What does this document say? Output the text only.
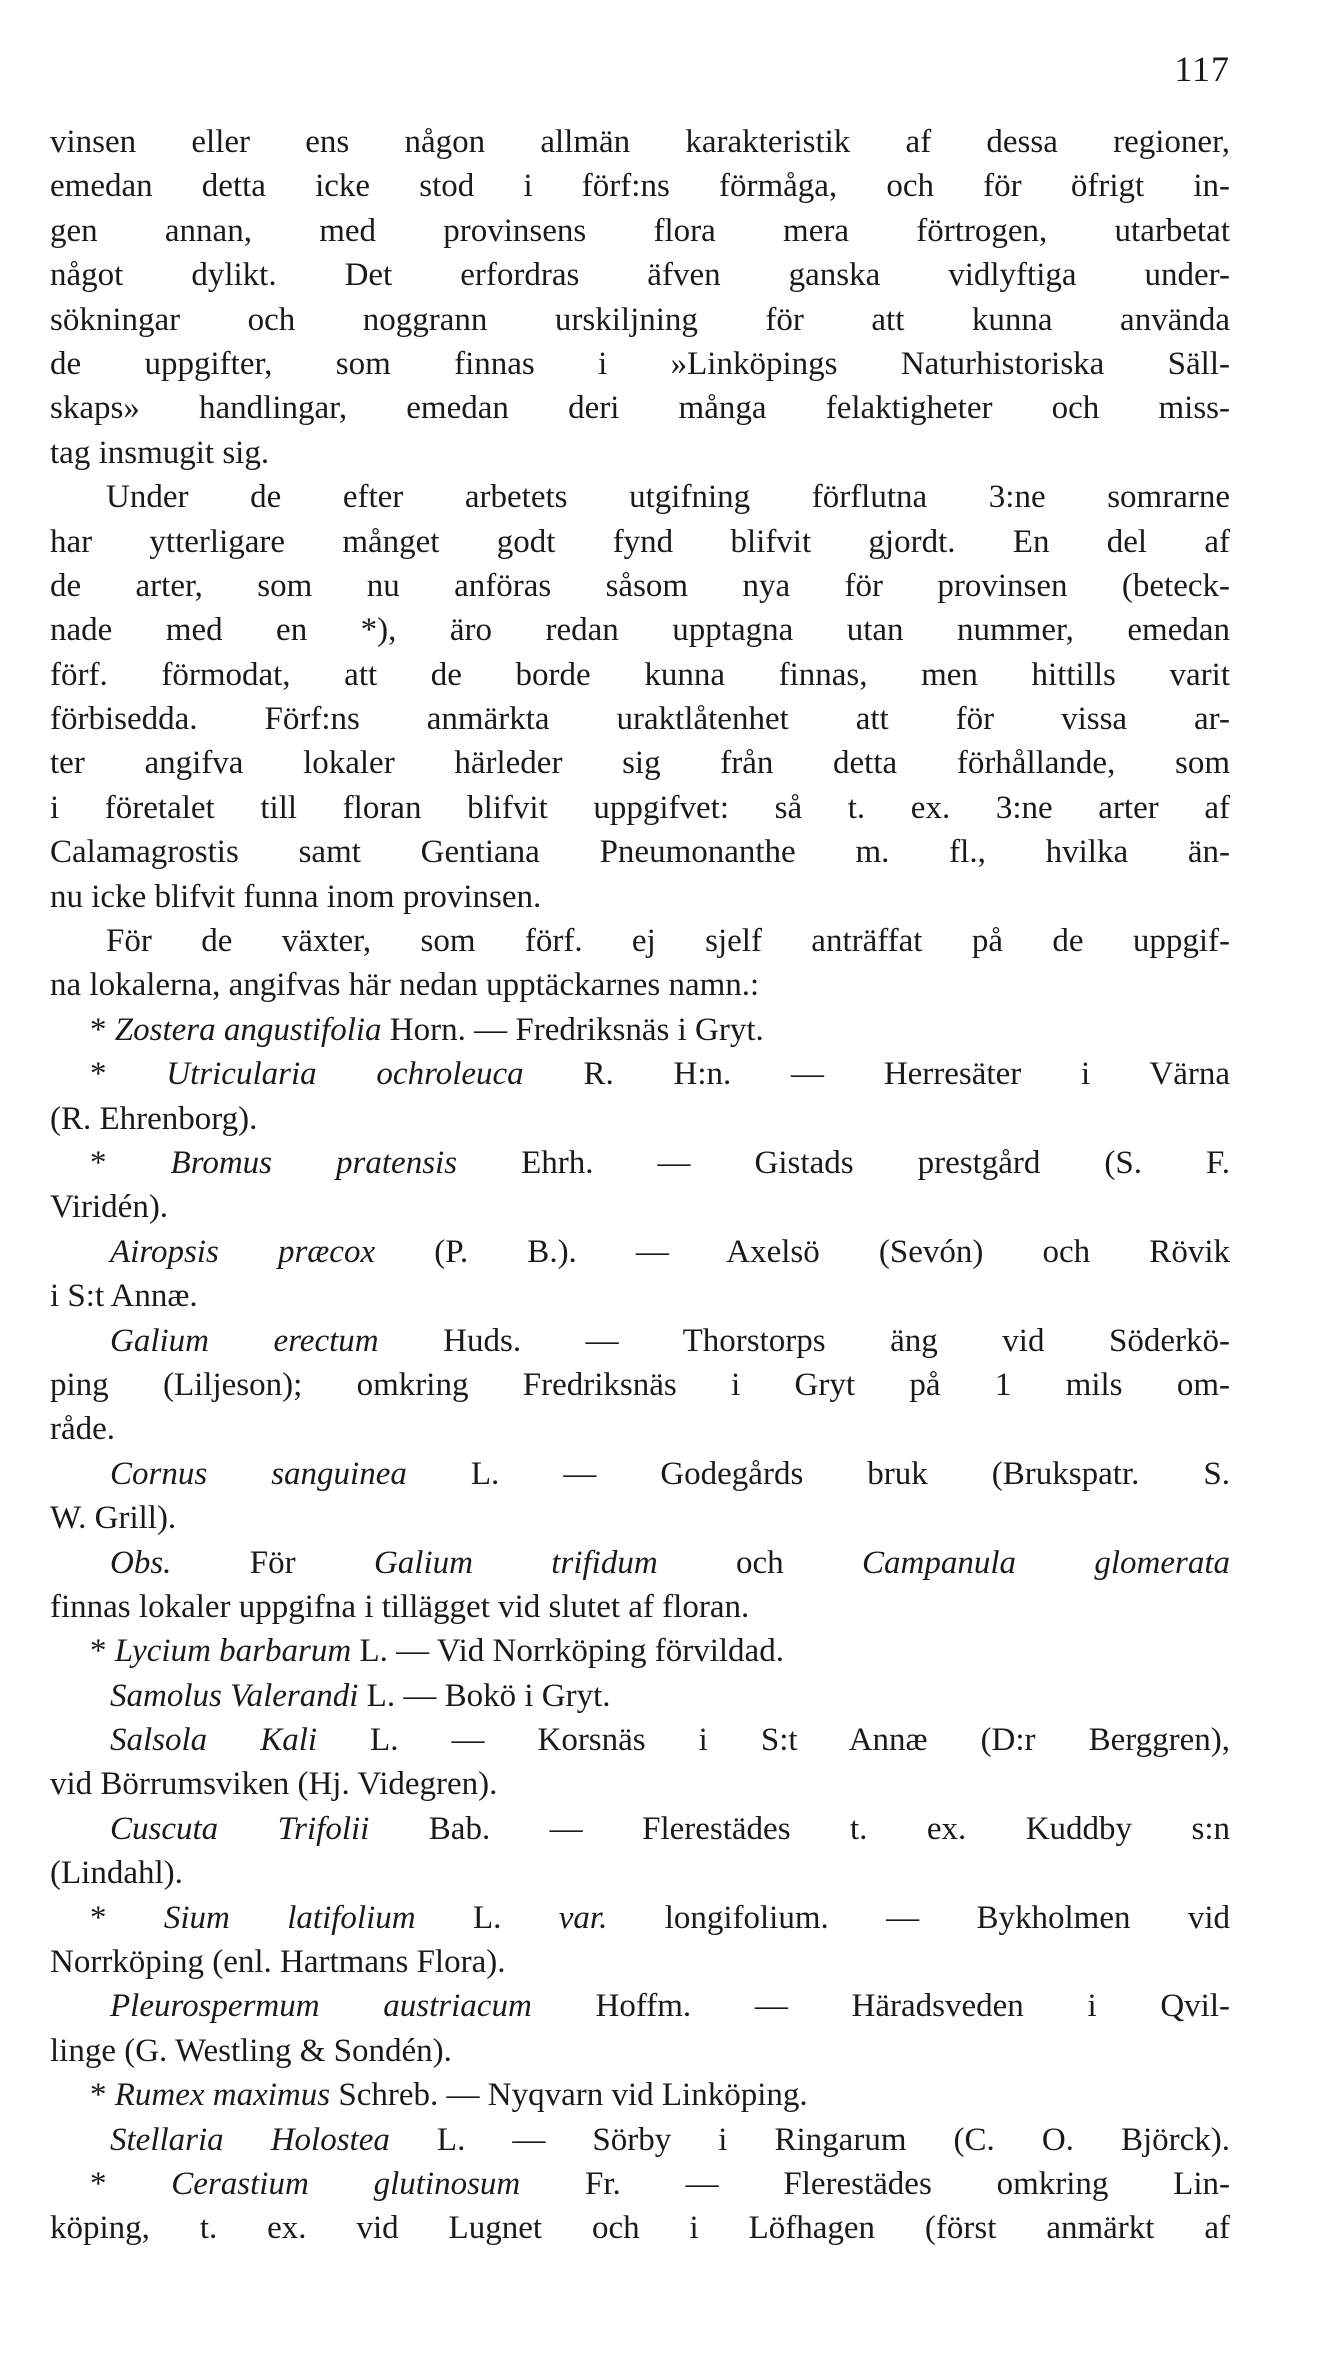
117
vinsen eller ens någon allmän karakteristik af dessa regioner,
emedan detta icke stod i förf:ns förmåga, och för öfrigt in-
gen annan, med provinsens flora mera förtrogen, utarbetat
något dylikt. Det erfordras äfven ganska vidlyftiga under-
sökningar och noggrann urskiljning för att kunna använda
de uppgifter, som finnas i »Linköpings Naturhistoriska Säll-
skaps» handlingar, emedan deri många felaktigheter och miss-
tag insmugit sig.
Under de efter arbetets utgifning förflutna 3:ne somrarne
har ytterligare månget godt fynd blifvit gjordt. En del af
de arter, som nu anföras såsom nya för provinsen (beteck-
nade med en *), äro redan upptagna utan nummer, emedan
förf. förmodat, att de borde kunna finnas, men hittills varit
förbisedda. Förf:ns anmärkta uraktlåtenhet att för vissa ar-
ter angifva lokaler härleder sig från detta förhållande, som
i företalet till floran blifvit uppgifvet: så t. ex. 3:ne arter af
Calamagrostis samt Gentiana Pneumonanthe m. fl., hvilka än-
nu icke blifvit funna inom provinsen.
För de växter, som förf. ej sjelf anträffat på de uppgif-
na lokalerna, angifvas här nedan upptäckarnes namn.:
* Zostera angustifolia Horn. — Fredriksnäs i Gryt.
* Utricularia ochroleuca R. H:n. — Herresäter i Värna
(R. Ehrenborg).
* Bromus pratensis Ehrh. — Gistads prestgård (S. F.
Viridén).
Airopsis præcox (P. B.). — Axelsö (Sevón) och Rövik
i S:t Annæ.
Galium erectum Huds. — Thorstorps äng vid Söderkö-
ping (Liljeson); omkring Fredriksnäs i Gryt på 1 mils om-
råde.
Cornus sanguinea L. — Godegårds bruk (Brukspatr. S.
W. Grill).
Obs. För Galium trifidum och Campanula glomerata
finnas lokaler uppgifna i tillägget vid slutet af floran.
* Lycium barbarum L. — Vid Norrköping förvildad.
Samolus Valerandi L. — Bokö i Gryt.
Salsola Kali L. — Korsnäs i S:t Annæ (D:r Berggren),
vid Börrumsviken (Hj. Videgren).
Cuscuta Trifolii Bab. — Flerestädes t. ex. Kuddby s:n
(Lindahl).
* Sium latifolium L. var. longifolium. — Bykholmen vid
Norrköping (enl. Hartmans Flora).
Pleurospermum austriacum Hoffm. — Häradsveden i Qvil-
linge (G. Westling & Sondén).
* Rumex maximus Schreb. — Nyqvarn vid Linköping.
Stellaria Holostea L. — Sörby i Ringarum (C. O. Björck).
* Cerastium glutinosum Fr. — Flerestädes omkring Lin-
köping, t. ex. vid Lugnet och i Löfhagen (först anmärkt af
